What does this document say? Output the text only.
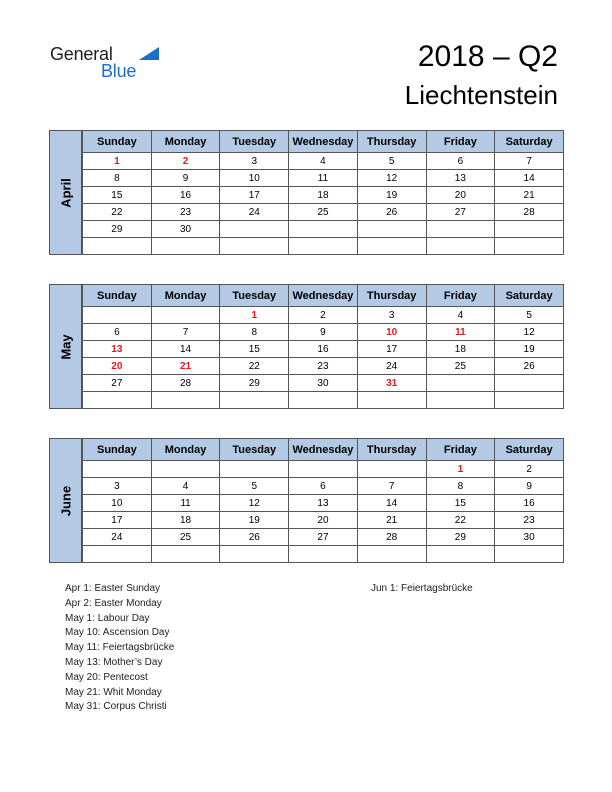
General
Blue	2018 – Q2
Liechtenstein
April
Sunday	Monday	Tuesday	Wednesday	Thursday	Friday	Saturday
1	2	3	4	5	6	7
8	9	10	11	12	13	14
15	16	17	18	19	20	21
22	23	24	25	26	27	28
29	30					

May
Sunday	Monday	Tuesday	Wednesday	Thursday	Friday	Saturday
		1	2	3	4	5
6	7	8	9	10	11	12
13	14	15	16	17	18	19
20	21	22	23	24	25	26
27	28	29	30	31		

June
Sunday	Monday	Tuesday	Wednesday	Thursday	Friday	Saturday
					1	2
3	4	5	6	7	8	9
10	11	12	13	14	15	16
17	18	19	20	21	22	23
24	25	26	27	28	29	30

Apr 1: Easter Sunday
Apr 2: Easter Monday
May 1: Labour Day
May 10: Ascension Day
May 11: Feiertagsbrücke
May 13: Mother’s Day
May 20: Pentecost
May 21: Whit Monday
May 31: Corpus Christi
Jun 1: Feiertagsbrücke
